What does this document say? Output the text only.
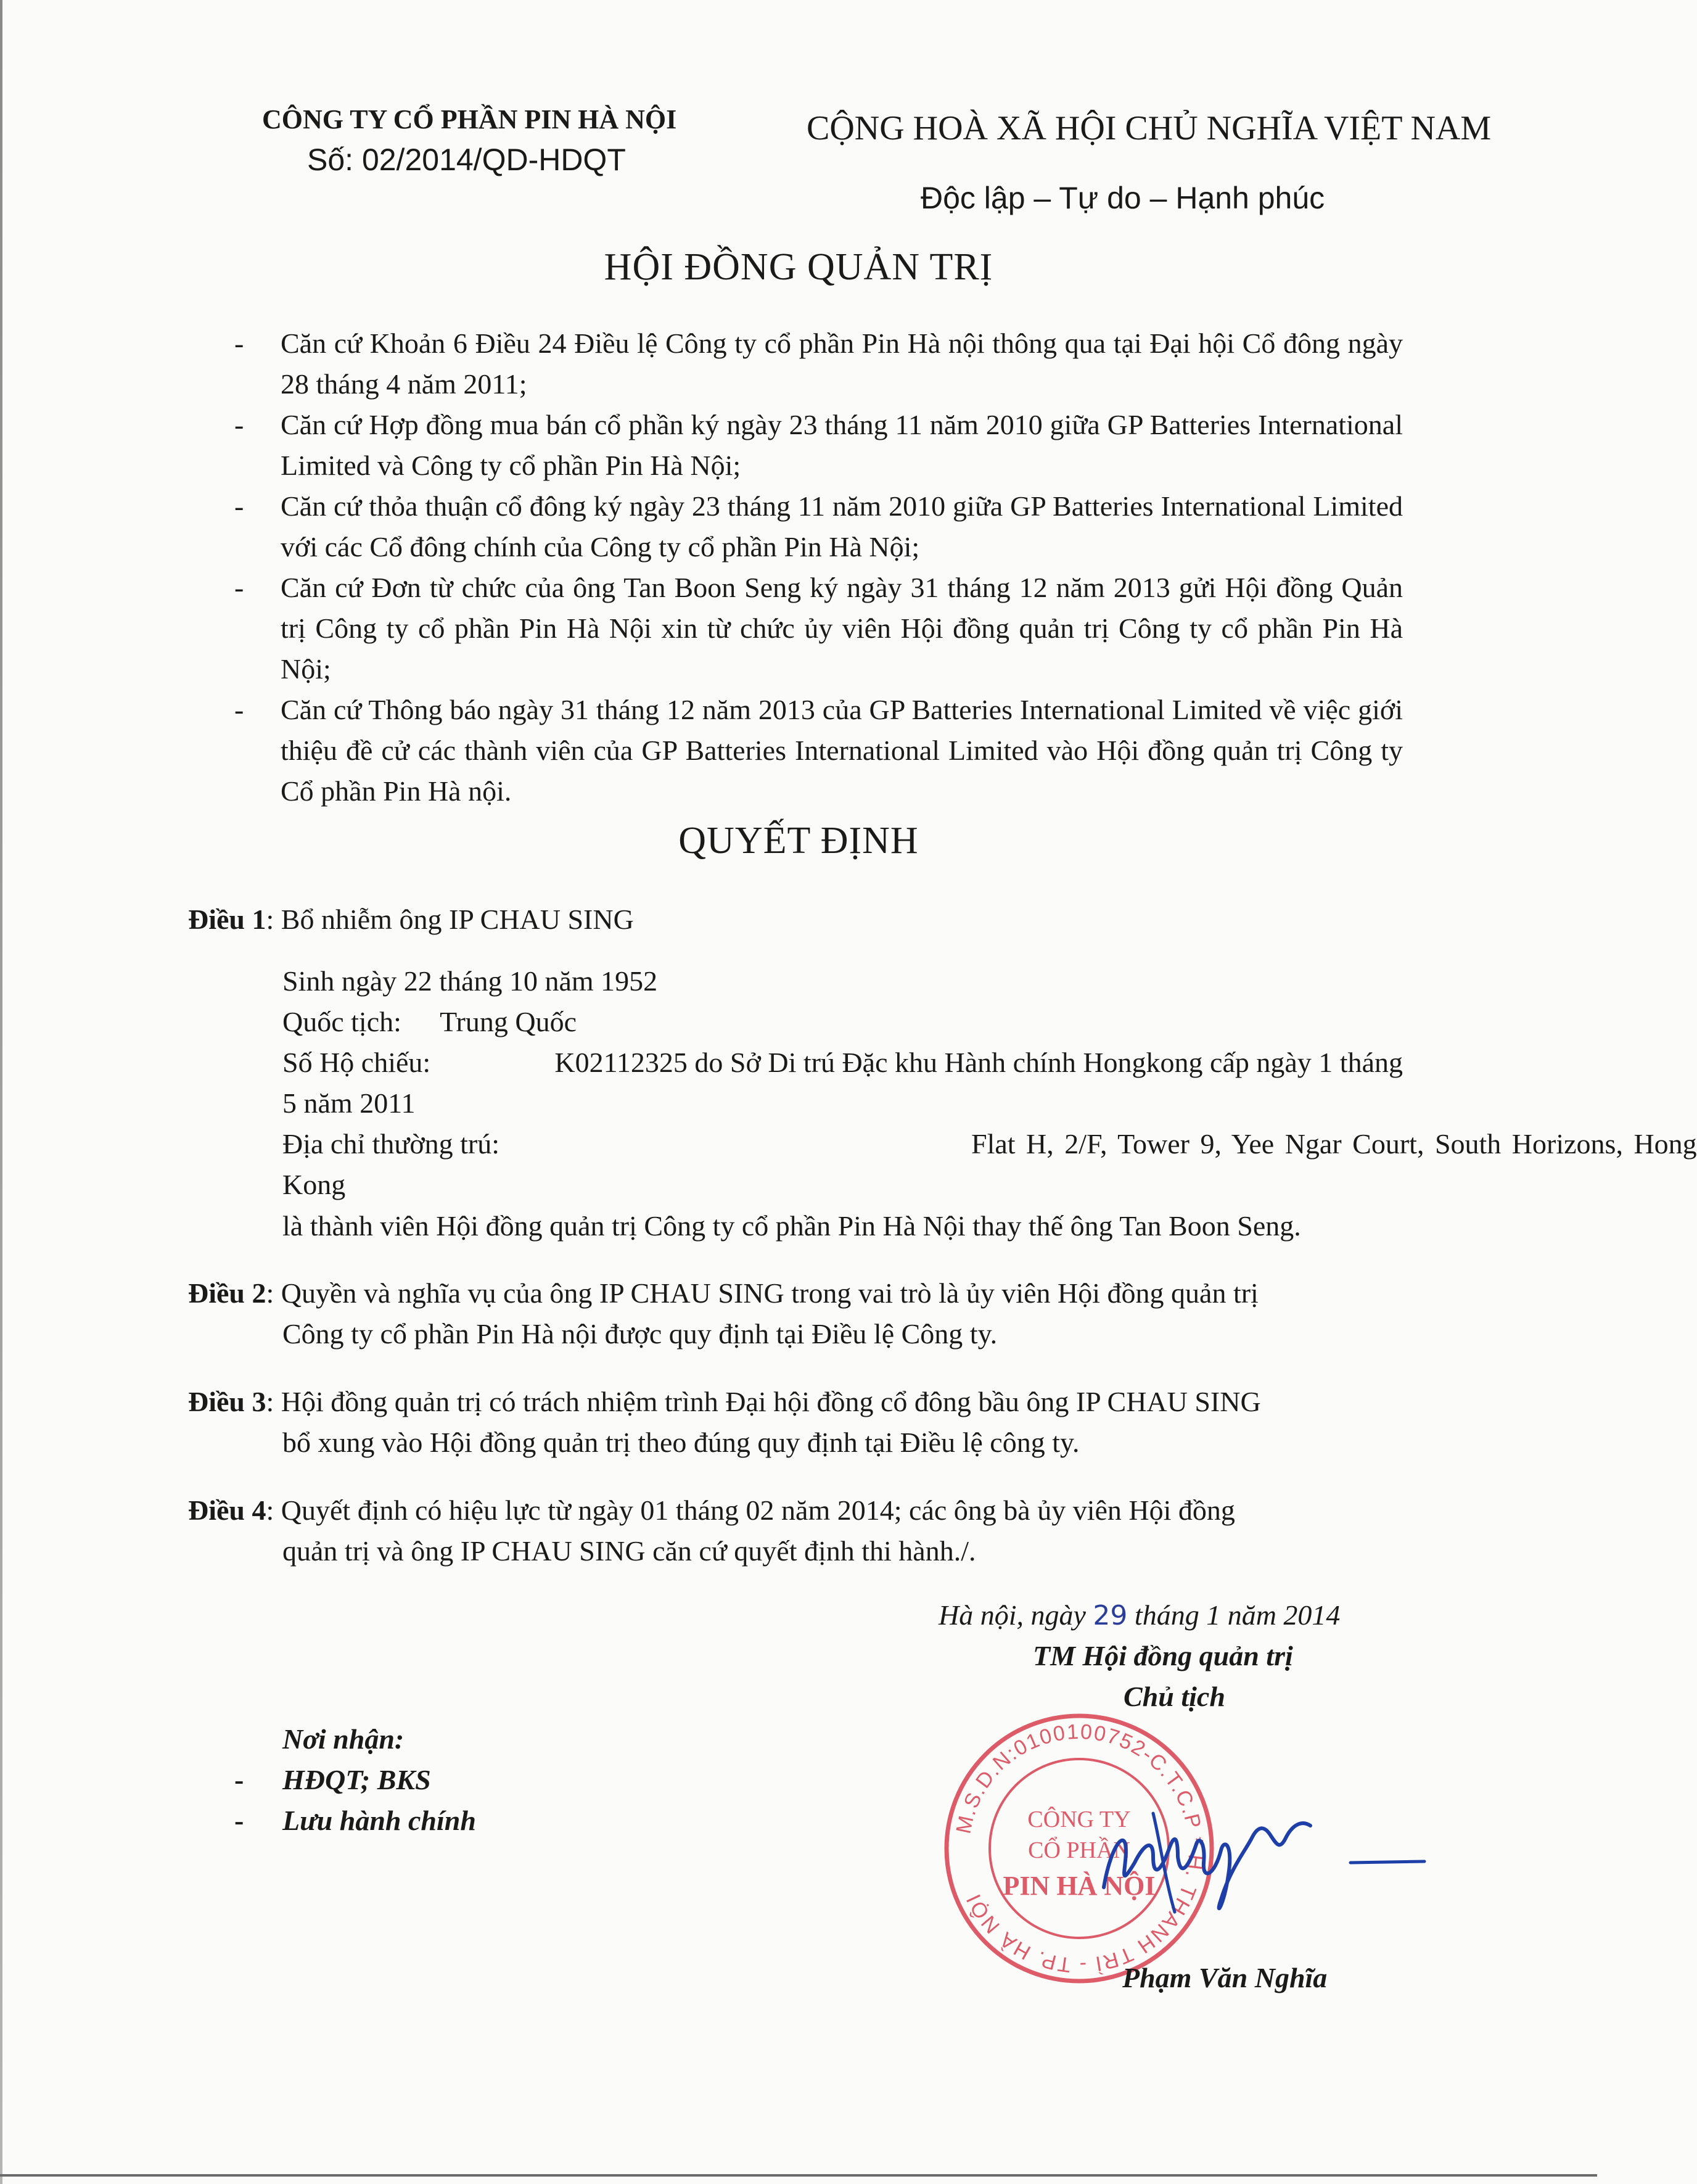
CÔNG TY CỔ PHẦN PIN HÀ NỘI
Số: 02/2014/QD-HDQT
CỘNG HOÀ XÃ HỘI CHỦ NGHĨA VIỆT NAM
Độc lập – Tự do – Hạnh phúc
HỘI ĐỒNG QUẢN TRỊ
- Căn cứ Khoản 6 Điều 24 Điều lệ Công ty cổ phần Pin Hà nội thông qua tại Đại hội Cổ đông ngày 28 tháng 4 năm 2011;
- Căn cứ Hợp đồng mua bán cổ phần ký ngày 23 tháng 11 năm 2010 giữa GP Batteries International Limited và Công ty cổ phần Pin Hà Nội;
- Căn cứ thỏa thuận cổ đông ký ngày 23 tháng 11 năm 2010 giữa GP Batteries International Limited với các Cổ đông chính của Công ty cổ phần Pin Hà Nội;
- Căn cứ Đơn từ chức của ông Tan Boon Seng ký ngày 31 tháng 12 năm 2013 gửi Hội đồng Quản trị Công ty cổ phần Pin Hà Nội xin từ chức ủy viên Hội đồng quản trị Công ty cổ phần Pin Hà Nội;
- Căn cứ Thông báo ngày 31 tháng 12 năm 2013 của GP Batteries International Limited về việc giới thiệu đề cử các thành viên của GP Batteries International Limited vào Hội đồng quản trị Công ty Cổ phần Pin Hà nội.
QUYẾT ĐỊNH
Điều 1: Bổ nhiễm ông IP CHAU SING
Sinh ngày 22 tháng 10 năm 1952
Quốc tịch: Trung Quốc
Số Hộ chiếu:	K02112325 do Sở Di trú Đặc khu Hành chính Hongkong cấp ngày 1 tháng
5 năm 2011
Địa chỉ thường trú:	Flat H, 2/F, Tower 9, Yee Ngar Court, South Horizons, Hong
Kong
là thành viên Hội đồng quản trị Công ty cổ phần Pin Hà Nội thay thế ông Tan Boon Seng.
Điều 2: Quyền và nghĩa vụ của ông IP CHAU SING trong vai trò là ủy viên Hội đồng quản trị
Công ty cổ phần Pin Hà nội được quy định tại Điều lệ Công ty.
Điều 3: Hội đồng quản trị có trách nhiệm trình Đại hội đồng cổ đông bầu ông IP CHAU SING
bổ xung vào Hội đồng quản trị theo đúng quy định tại Điều lệ công ty.
Điều 4: Quyết định có hiệu lực từ ngày 01 tháng 02 năm 2014; các ông bà ủy viên Hội đồng
quản trị và ông IP CHAU SING căn cứ quyết định thi hành./.
Hà nội, ngày 29 tháng 1 năm 2014
TM Hội đồng quản trị
Chủ tịch
Nơi nhận:
- HĐQT; BKS
- Lưu hành chính	M.S.D.N:0100100752-C.T.C.P * H. THANH TRÌ - TP. HÀ NỘI
CÔNG TY
CỔ PHẦN
PIN HÀ NỘI
Phạm Văn Nghĩa
